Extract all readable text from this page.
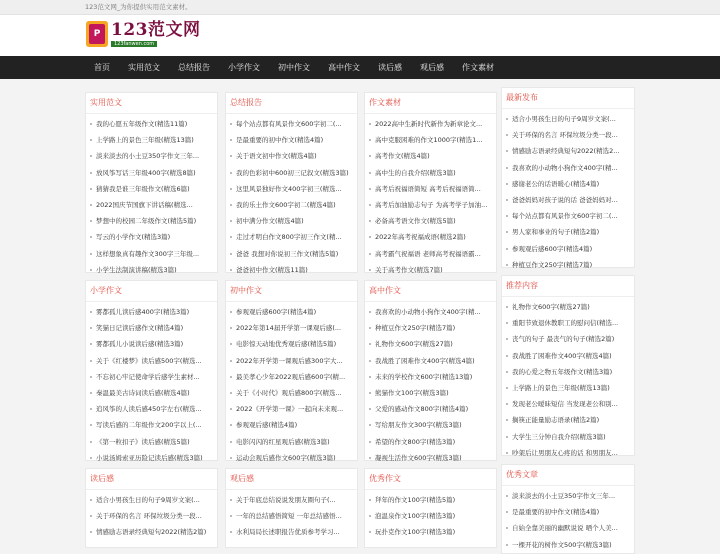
123范文网_为你提供实用范文素材。
P 123范文网
123fanwen.com
首页	实用范文	总结报告	小学作文	初中作文	高中作文	读后感	观后感	作文素材
实用范文
我的心愿五年级作文(精选11篇)
上学路上的景色三年级(精选13篇)
淡来淡去的小土豆350字作文三年...
放风筝写话三年级400字(精选8篇)
猜猜我是谁三年级作文(精选6篇)
2022国庆节国旗下讲话稿(精选...
梦想中的校园二年级作文(精选5篇)
写云的小学作文(精选3篇)
这样想象真有趣作文300字三年级...
小学生法制演讲稿(精选3篇)
总结报告
每个站点都有风景作文600字初二(...
是最重要的初中作文(精选4篇)
关于语文初中作文(精选4篇)
我的色彩初中600初三记叙文(精选3篇)
这里风景独好作文400字初三(精选...
我的乐土作文600字初二(精选4篇)
初中满分作文(精选4篇)
走过才明白作文800字初三作文(精...
爸爸 我想对你说初三作文(精选5篇)
爸爸初中作文(精选11篇)
作文素材
2022高中生新时代新作为新章论文...
高中克服困难的作文1000字(精选1...
高考作文(精选4篇)
高中生的自我介绍(精选3篇)
高考后祝福语简短 高考后祝福语简...
高考后加油励志句子 为高考学子加油...
必备高考语文作文(精选5篇)
2022年高考祝福成语(精选2篇)
高考霸气祝福语 老师高考祝福语霸...
关于高考作文(精选7篇)
小学作文
雾都孤儿读后感400字(精选3篇)
笑猫日记读后感作文(精选4篇)
雾都孤儿小说读后感(精选3篇)
关于《红楼梦》读后感500字(精选...
不忘初心牢记使命学后感学生素材...
秦温最美古诗词读后感(精选4篇)
追风筝的人读后感450字左右(精选...
写读后感的二年级作文200字以上(...
《第一粒扣子》读后感(精选5篇)
小说汤姆索亚历险记读后感(精选3篇)
初中作文
参观观后感600字(精选4篇)
2022年第14届开学第一课观后感(...
电影惊天动地优秀观后感(精选5篇)
2022年开学第一课观后感300字大...
最美孝心少年2022观后感600字(精...
关于《小时代》观后感800字(精选...
2022《开学第一课》一起向未来观...
参观观后感(精选4篇)
电影闪闪的红星观后感(精选3篇)
运动会观后感作文600字(精选3篇)
高中作文
我喜欢的小动物小狗作文400字(精...
种植豆作文250字(精选7篇)
礼物作文600字(精选27篇)
我战胜了困难作文400字(精选4篇)
未来的学校作文600字(精选13篇)
熊猫作文100字(精选3篇)
父爱的感动作文800字(精选4篇)
写给朋友作文300字(精选3篇)
希望的作文800字(精选3篇)
凝视生活作文600字(精选3篇)
最新发布
适合小男孩生日的句子9周岁文案(...
关于环保的名言 环保垃圾分类一段...
情感励志语录经典短句2022(精选2...
我喜欢的小动物小狗作文400字(精...
感谢老公的话语暖心(精选4篇)
爸爸妈妈对孩子说的话 爸爸妈妈对...
每个站点都有风景作文600字初二(...
男人家和事业的句子(精选2篇)
参观观后感600字(精选4篇)
种植豆作文250字(精选7篇)
推荐内容
礼物作文600字(精选27篇)
重阳节致退休教职工的慰问信(精选...
丧气的句子 最丧气的句子(精选2篇)
我战胜了困难作文400字(精选4篇)
我的心爱之物五年级作文(精选3篇)
上学路上的景色三年级(精选13篇)
发现老公暧昧短信 当发现老公和别...
搁筷正能量励志语录(精选2篇)
大学生三分钟自我介绍(精选3篇)
吵架后让男朋友心疼的话 和男朋友...
读后感
适合小男孩生日的句子9周岁文案(...
关于环保的名言 环保垃圾分类一段...
情感励志语录经典短句2022(精选2篇)
观后感
关于年底总结说说发朋友圈句子(...
一年的总结感悟简短 一年总结感悟...
水利局局长述职报告优质参考学习...
优秀作文
拜年的作文100字(精选5篇)
泡温泉作文100字(精选3篇)
玩扑克作文100字(精选3篇)
优秀文章
淡来淡去的小土豆350字作文三年...
是最重要的初中作文(精选4篇)
自始全靠美丽的幽默说说 晒个人美...
一棵开花的树作文500字(精选3篇)
